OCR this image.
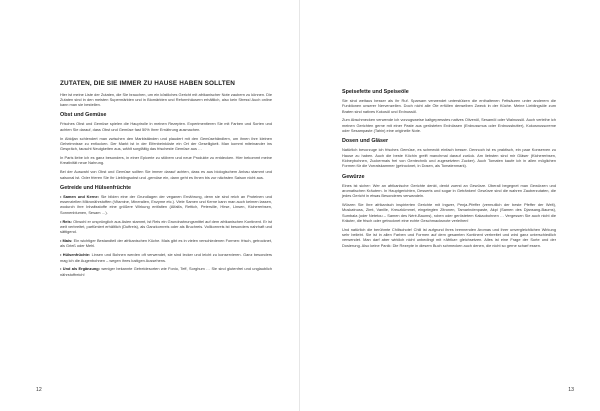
ZUTATEN, DIE SIE IMMER ZU HAUSE HABEN SOLLTEN

Hier ist meine Liste der Zutaten, die Sie brauchen, um ein köstliches Gericht mit afrikanischer Note zaubern zu können. Die Zutaten sind in den meisten Supermärkten und in Biomärkten und Reformhäusern erhältlich, also kein Stress! Auch online kann man sie bestellen.

Obst und Gemüse

Frisches Obst und Gemüse spielen die Hauptrolle in meinen Rezepten. Experimentieren Sie mit Farben und Sorten und achten Sie darauf, dass Obst und Gemüse fast 50% Ihrer Ernährung ausmachen.

In Abidjan schlendert man zwischen den Marktständen und plaudert mit den Gemüsehändlern, um ihnen ihre kleinen Geheimnisse zu entlocken. Der Markt ist in der Elfenbeinküste ein Ort der Geselligkeit. Man kommt miteinander ins Gespräch, tauscht Neuigkeiten aus, wählt sorgfältig das frischeste Gemüse aus …

In Paris liebe ich es ganz besonders, in einer Epicerie zu stöbern und neue Produkte zu entdecken. Hier bekommt meine Kreativität neue Nahrung.

Bei der Auswahl von Obst und Gemüse sollten Sie immer darauf achten, dass es aus biologischem Anbau stammt und saisonal ist. Oder frieren Sie Ihr Lieblingsobst und -gemüse ein, dann geht es Ihnen bis zur nächsten Saison nicht aus.

Getreide und Hülsenfrüchte

• Samen und Kerne: Sie bilden eine der Grundlagen der veganen Ernährung, denn sie sind reich an Proteinen und essenziellen Mikronährstoffen (Vitamine, Mineralien, Enzyme etc.). Viele Samen und Kerne kann man auch keimen lassen, wodurch ihre Inhaltsstoffe eine größere Wirkung entfalten (Alfalfa, Rettich, Petersilie, Hirse, Linsen, Kichererbsen, Sonnenblumen, Sesam …).

• Reis: Obwohl er ursprünglich aus Asien stammt, ist Reis ein Grundnahrungsmittel auf dem afrikanischen Kontinent. Er ist weit verbreitet, parfümiert erhältlich (Duftreis), als Ganzkornreis oder als Bruchreis. Vollkornreis ist besonders nahrhaft und sättigend.

• Mais: Ein wichtiger Bestandteil der afrikanischen Küche. Mais gibt es in vielen verschiedenen Formen: frisch, getrocknet, als Grieß oder Mehl.

• Hülsenfrüchte: Linsen und Bohnen werden oft verwendet, sie sind lecker und leicht zu konservieren. Ganz besonders mag ich die Augenbohnen – wegen ihres lustigen Aussehens.

• Und als Ergänzung: weniger bekannte Getreidesorten wie Fonio, Teff, Sorghum … Sie sind glutenfrei und unglaublich nährstoffreich!

12
Speisefette und Speiseöle

Sie sind weitaus besser als ihr Ruf. Sparsam verwendet unterstützen die enthaltenen Fettsäuren unter anderem die Funktionen unserer Nervenzellen. Doch nicht alle Öle erfüllen denselben Zweck in der Küche. Meine Lieblingsöle zum Braten sind natives Kokosöl und Erdnussöl.

Zum Abschmecken verwende ich vorzugsweise kaltgepresstes natives Olivenöl, Sesamöl oder Walnussöl. Auch verleihe ich meinen Gerichten gerne mit einer Paste aus gerösteten Erdnüssen (Erdnussmus oder Erdnussbutter), Kokosnusscreme oder Sesampaste (Tahin) eine originelle Note.

Dosen und Gläser

Natürlich bevorzuge ich frisches Gemüse, es schmeckt einfach besser. Dennoch ist es praktisch, ein paar Konserven zu Hause zu haben. Auch die beste Köchin greift manchmal darauf zurück. Am liebsten sind mir Gläser (Kichererbsen, Kidneybohnen, Zuckermais frei von Gentechnik und zugesetztem Zucker). Auch Tomaten kaufe ich in allen möglichen Formen für die Vorratskammer (getrocknet, in Dosen, als Tomatenmark).

Gewürze

Eines ist sicher: Wer an afrikanische Gerichte denkt, denkt zuerst an Gewürze. Überall begegnet man Gewürzen und aromatischen Kräutern. In Hauptgerichten, Desserts und sogar in Getränken! Gewürze sind die wahren Zauberzutaten, die jedes Gericht in etwas Besonderes verwandeln.

Würzen Sie Ihre afrikanisch inspirierten Gerichte mit Ingwer, Penja-Pfeffer (vermutlich der beste Pfeffer der Welt), Muskatnuss, Zimt, Vanille, Kreuzkümmel, eingelegten Zitronen, Tamarindenpaste, Akpi (Samen des Djansang-Baums), Sumbala (oder Netetou – Samen des Néré-Baums), roben oder geröstetem Kakaobohnen … Vergessen Sie auch nicht die Kräuter, die frisch oder getrocknet eine echte Geschmacksnote verleihen!

Und natürlich die berühmte Chilischote! Chili ist aufgrund ihres brennenden Aromas und ihrer unvergleichlichen Wirkung sehr beliebt. Sie ist in allen Farben und Formen auf dem gesamten Kontinent verbreitet und wird ganz unterschiedlich verwendet. Man darf aber wirklich nicht unbedingt mit »Afrika« gleichsetzen. Alles ist eine Frage der Sorte und der Dosierung. Also keine Panik: Die Rezepte in diesem Buch schmecken auch denen, die nicht so gerne scharf essen.

13
